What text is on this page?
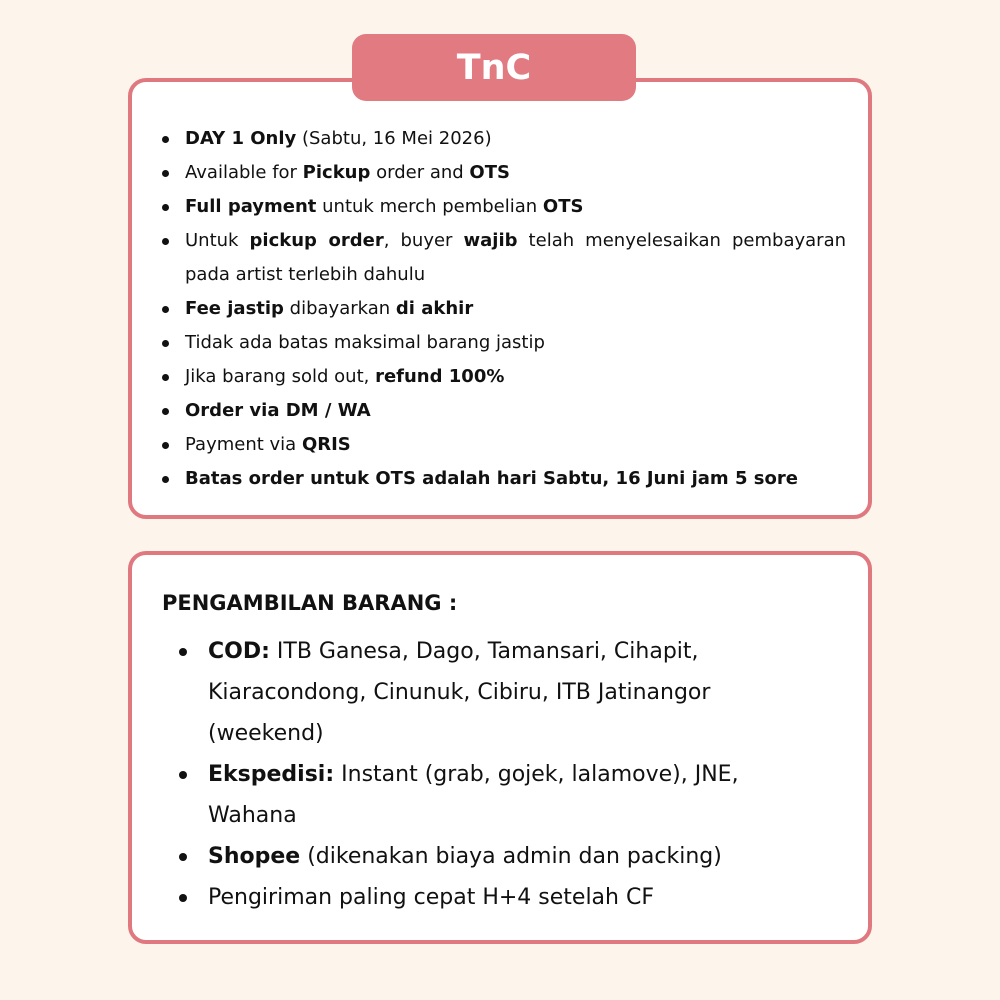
TnC
DAY 1 Only (Sabtu, 16 Mei 2026)
Available for Pickup order and OTS
Full payment untuk merch pembelian OTS
Untuk pickup order, buyer wajib telah menyelesaikan pembayaran pada artist terlebih dahulu
Fee jastip dibayarkan di akhir
Tidak ada batas maksimal barang jastip
Jika barang sold out, refund 100%
Order via DM / WA
Payment via QRIS
Batas order untuk OTS adalah hari Sabtu, 16 Juni jam 5 sore
PENGAMBILAN BARANG :
COD: ITB Ganesa, Dago, Tamansari, Cihapit, Kiaracondong, Cinunuk, Cibiru, ITB Jatinangor (weekend)
Ekspedisi: Instant (grab, gojek, lalamove), JNE, Wahana
Shopee (dikenakan biaya admin dan packing)
Pengiriman paling cepat H+4 setelah CF
